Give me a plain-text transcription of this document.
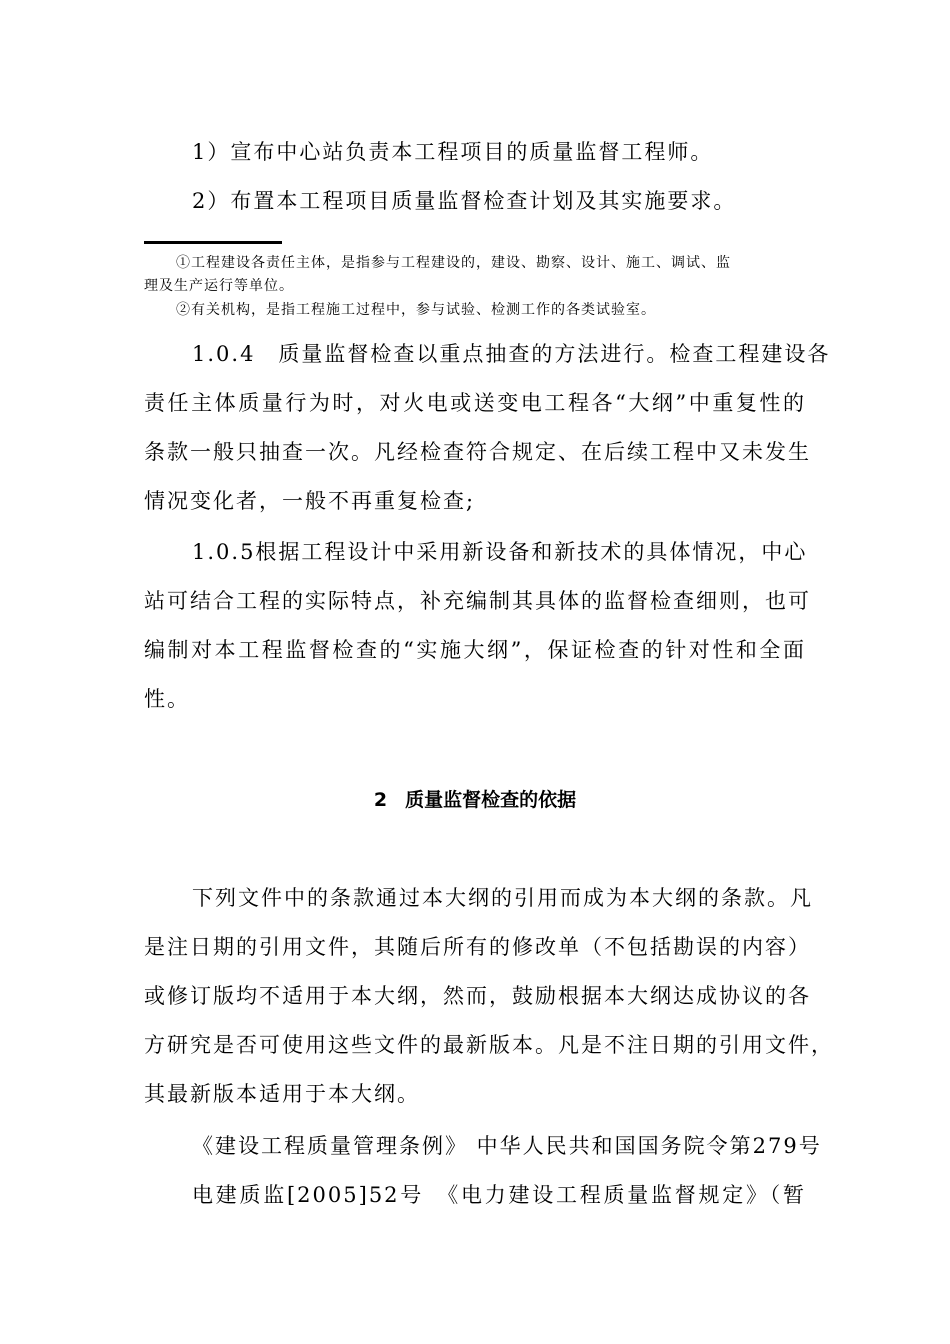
1）宣布中心站负责本工程项目的质量监督工程师。
2）布置本工程项目质量监督检查计划及其实施要求。
①工程建设各责任主体，是指参与工程建设的，建设、勘察、设计、施工、调试、监
理及生产运行等单位。
②有关机构，是指工程施工过程中，参与试验、检测工作的各类试验室。
1.0.4　质量监督检查以重点抽查的方法进行。检查工程建设各
责任主体质量行为时，对火电或送变电工程各“大纲”中重复性的
条款一般只抽查一次。凡经检查符合规定、在后续工程中又未发生
情况变化者，一般不再重复检查;
1.0.5根据工程设计中采用新设备和新技术的具体情况，中心
站可结合工程的实际特点，补充编制其具体的监督检查细则，也可
编制对本工程监督检查的“实施大纲”，保证检查的针对性和全面
性。
2 质量监督检查的依据
下列文件中的条款通过本大纲的引用而成为本大纲的条款。凡
是注日期的引用文件，其随后所有的修改单（不包括勘误的内容）
或修订版均不适用于本大纲，然而，鼓励根据本大纲达成协议的各
方研究是否可使用这些文件的最新版本。凡是不注日期的引用文件，
其最新版本适用于本大纲。
《建设工程质量管理条例》 中华人民共和国国务院令第279号
电建质监[2005]52号　《电力建设工程质量监督规定》（暂
